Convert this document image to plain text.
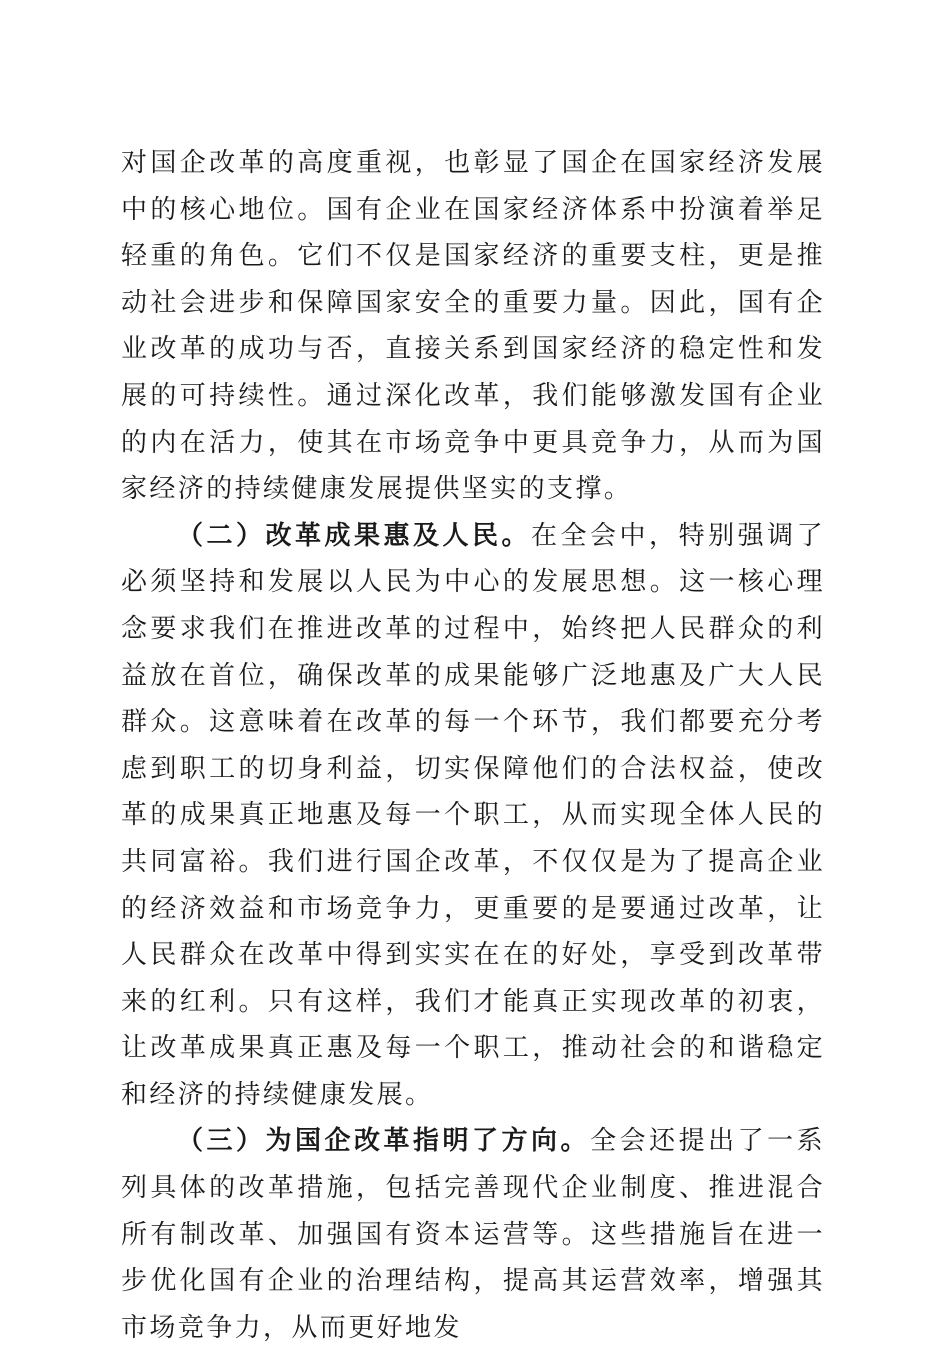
对国企改革的高度重视，也彰显了国企在国家经济发展中的核心地位。国有企业在国家经济体系中扮演着举足轻重的角色。它们不仅是国家经济的重要支柱，更是推动社会进步和保障国家安全的重要力量。因此，国有企业改革的成功与否，直接关系到国家经济的稳定性和发展的可持续性。通过深化改革，我们能够激发国有企业的内在活力，使其在市场竞争中更具竞争力，从而为国家经济的持续健康发展提供坚实的支撑。

（二）改革成果惠及人民。在全会中，特别强调了必须坚持和发展以人民为中心的发展思想。这一核心理念要求我们在推进改革的过程中，始终把人民群众的利益放在首位，确保改革的成果能够广泛地惠及广大人民群众。这意味着在改革的每一个环节，我们都要充分考虑到职工的切身利益，切实保障他们的合法权益，使改革的成果真正地惠及每一个职工，从而实现全体人民的共同富裕。我们进行国企改革，不仅仅是为了提高企业的经济效益和市场竞争力，更重要的是要通过改革，让人民群众在改革中得到实实在在的好处，享受到改革带来的红利。只有这样，我们才能真正实现改革的初衷，让改革成果真正惠及每一个职工，推动社会的和谐稳定和经济的持续健康发展。

（三）为国企改革指明了方向。全会还提出了一系列具体的改革措施，包括完善现代企业制度、推进混合所有制改革、加强国有资本运营等。这些措施旨在进一步优化国有企业的治理结构，提高其运营效率，增强其市场竞争力，从而更好地发
